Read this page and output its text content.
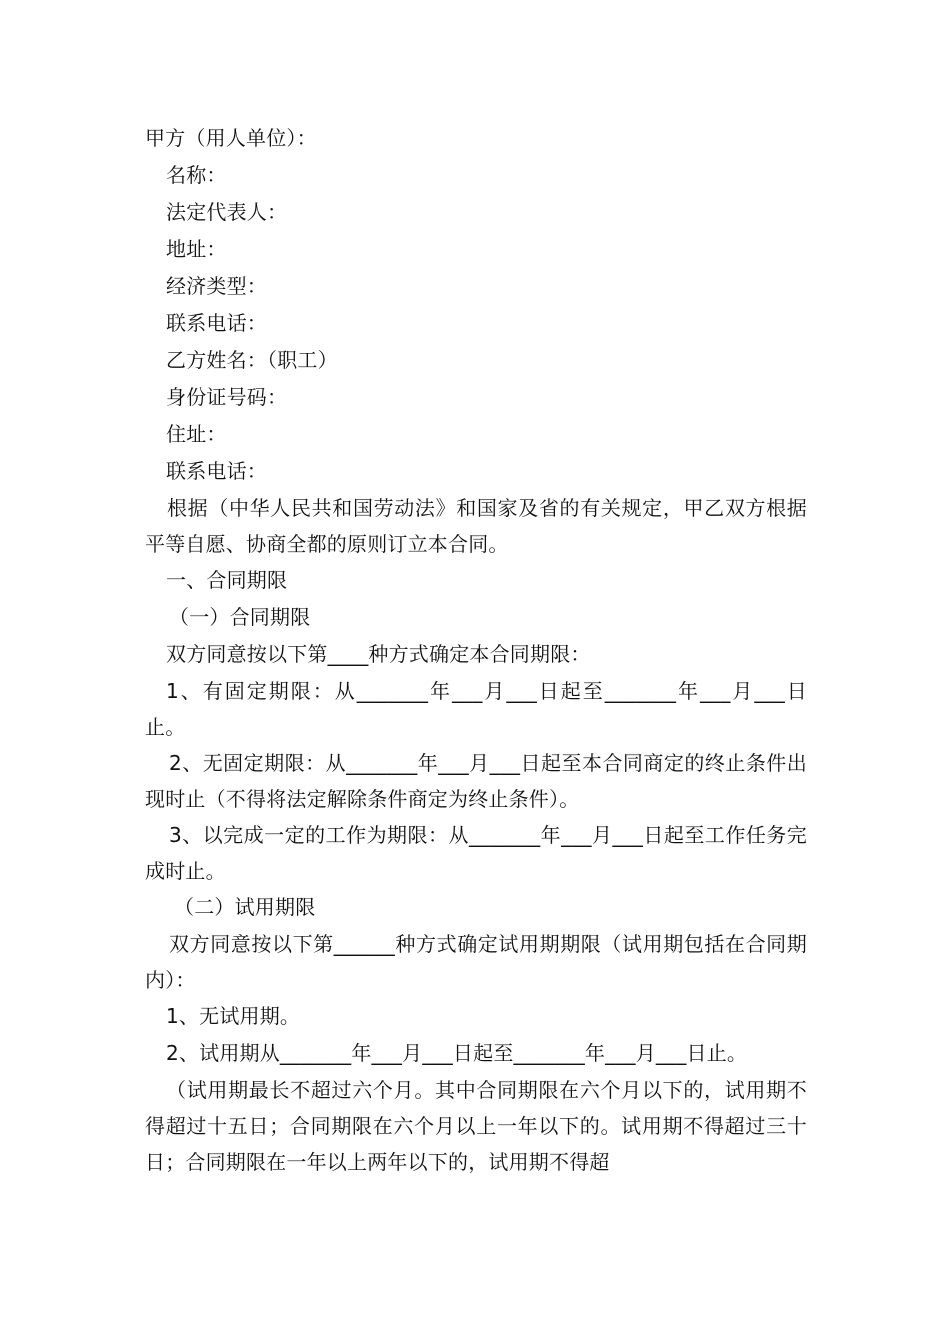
甲方（用人单位）：
名称：
法定代表人：
地址：
经济类型：
联系电话：
乙方姓名：（职工）
身份证号码：
住址：
联系电话：

根据（中华人民共和国劳动法》和国家及省的有关规定，甲乙双方根据平等自愿、协商全都的原则订立本合同。

一、合同期限
（一）合同期限
双方同意按以下第____种方式确定本合同期限：

1、有固定期限：从_______年___月___日起至_______年___月___日止。

2、无固定期限：从_______年___月___日起至本合同商定的终止条件出现时止（不得将法定解除条件商定为终止条件）。

3、以完成一定的工作为期限：从_______年___月___日起至工作任务完成时止。

（二）试用期限

双方同意按以下第______种方式确定试用期期限（试用期包括在合同期内）：

1、无试用期。
2、试用期从_______年___月___日起至_______年___月___日止。

（试用期最长不超过六个月。其中合同期限在六个月以下的，试用期不得超过十五日；合同期限在六个月以上一年以下的。试用期不得超过三十日；合同期限在一年以上两年以下的，试用期不得超
